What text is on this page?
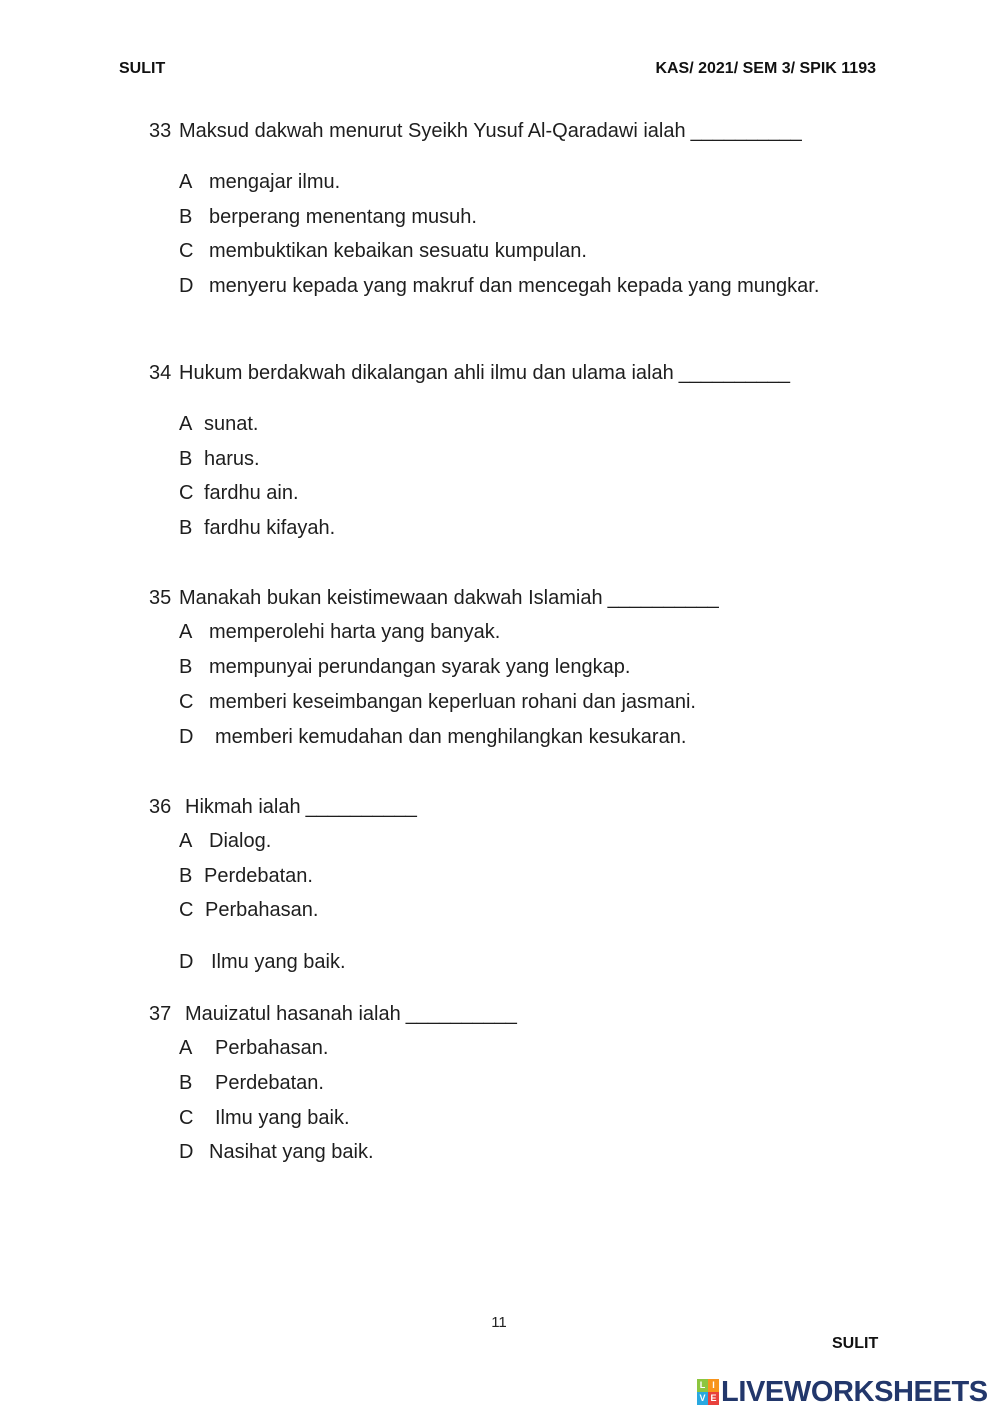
SULIT	KAS/ 2021/ SEM 3/ SPIK 1193
33 Maksud dakwah menurut Syeikh Yusuf Al-Qaradawi ialah __________
A mengajar ilmu.
B berperang menentang musuh.
C membuktikan kebaikan sesuatu kumpulan.
D menyeru kepada yang makruf dan mencegah kepada yang mungkar.
34 Hukum berdakwah dikalangan ahli ilmu dan ulama ialah __________
A sunat.
B harus.
C fardhu ain.
B fardhu kifayah.
35 Manakah bukan keistimewaan dakwah Islamiah __________
A memperolehi harta yang banyak.
B mempunyai perundangan syarak yang lengkap.
C memberi keseimbangan keperluan rohani dan jasmani.
D memberi kemudahan dan menghilangkan kesukaran.
36 Hikmah ialah __________
A Dialog.
B Perdebatan.
C Perbahasan.
D Ilmu yang baik.
37 Mauizatul hasanah ialah __________
A Perbahasan.
B Perdebatan.
C Ilmu yang baik.
D Nasihat yang baik.
11
SULIT
L I
V E LIVEWORKSHEETS
